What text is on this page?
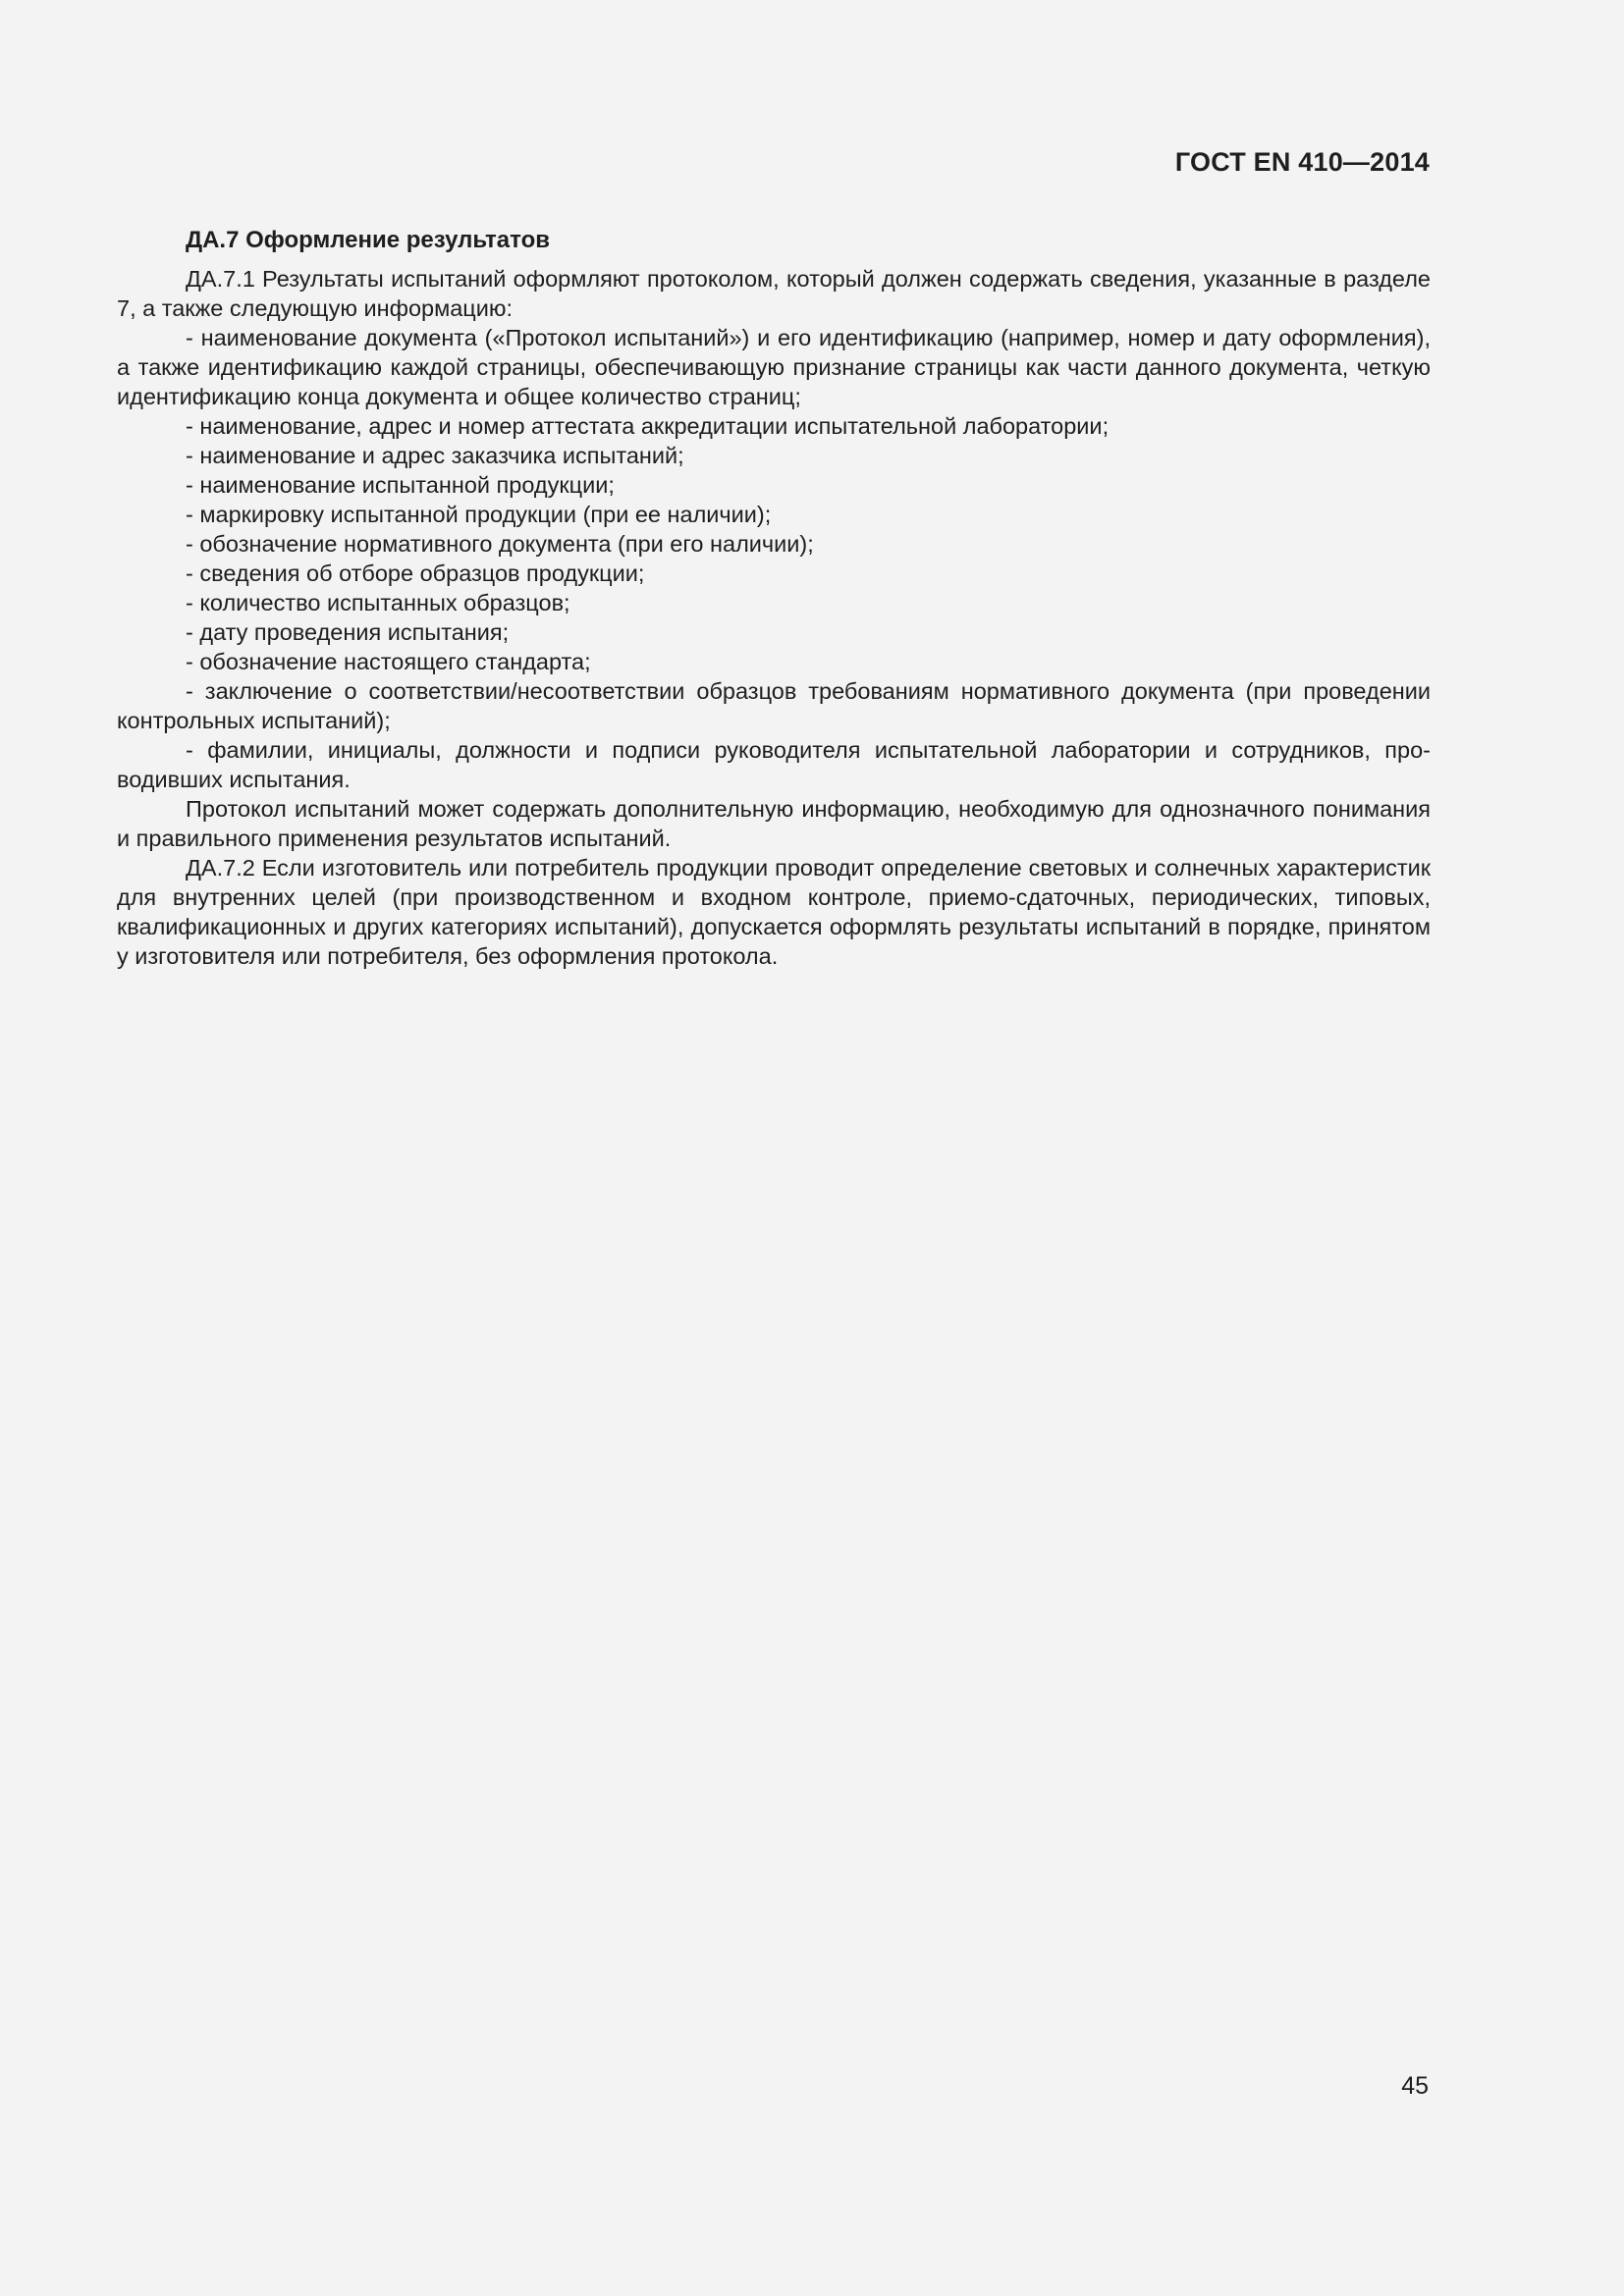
ГОСТ EN 410—2014
ДА.7 Оформление результатов

ДА.7.1 Результаты испытаний оформляют протоколом, который должен содержать сведения, указанные в разделе 7, а также следующую информацию:

- наименование документа («Протокол испытаний») и его идентификацию (например, номер и дату оформления), а также идентификацию каждой страницы, обеспечивающую признание страницы как части данного документа, четкую идентификацию конца документа и общее количество страниц;
- наименование, адрес и номер аттестата аккредитации испытательной лаборатории;
- наименование и адрес заказчика испытаний;
- наименование испытанной продукции;
- маркировку испытанной продукции (при ее наличии);
- обозначение нормативного документа (при его наличии);
- сведения об отборе образцов продукции;
- количество испытанных образцов;
- дату проведения испытания;
- обозначение настоящего стандарта;
- заключение о соответствии/несоответствии образцов требованиям нормативного документа (при проведении контрольных испытаний);
- фамилии, инициалы, должности и подписи руководителя испытательной лаборатории и сотрудников, проводивших испытания.

Протокол испытаний может содержать дополнительную информацию, необходимую для однозначного понимания и правильного применения результатов испытаний.

ДА.7.2 Если изготовитель или потребитель продукции проводит определение световых и солнечных характеристик для внутренних целей (при производственном и входном контроле, приемо-сдаточных, периодических, типовых, квалификационных и других категориях испытаний), допускается оформлять результаты испытаний в порядке, принятом у изготовителя или потребителя, без оформления протокола.

45
